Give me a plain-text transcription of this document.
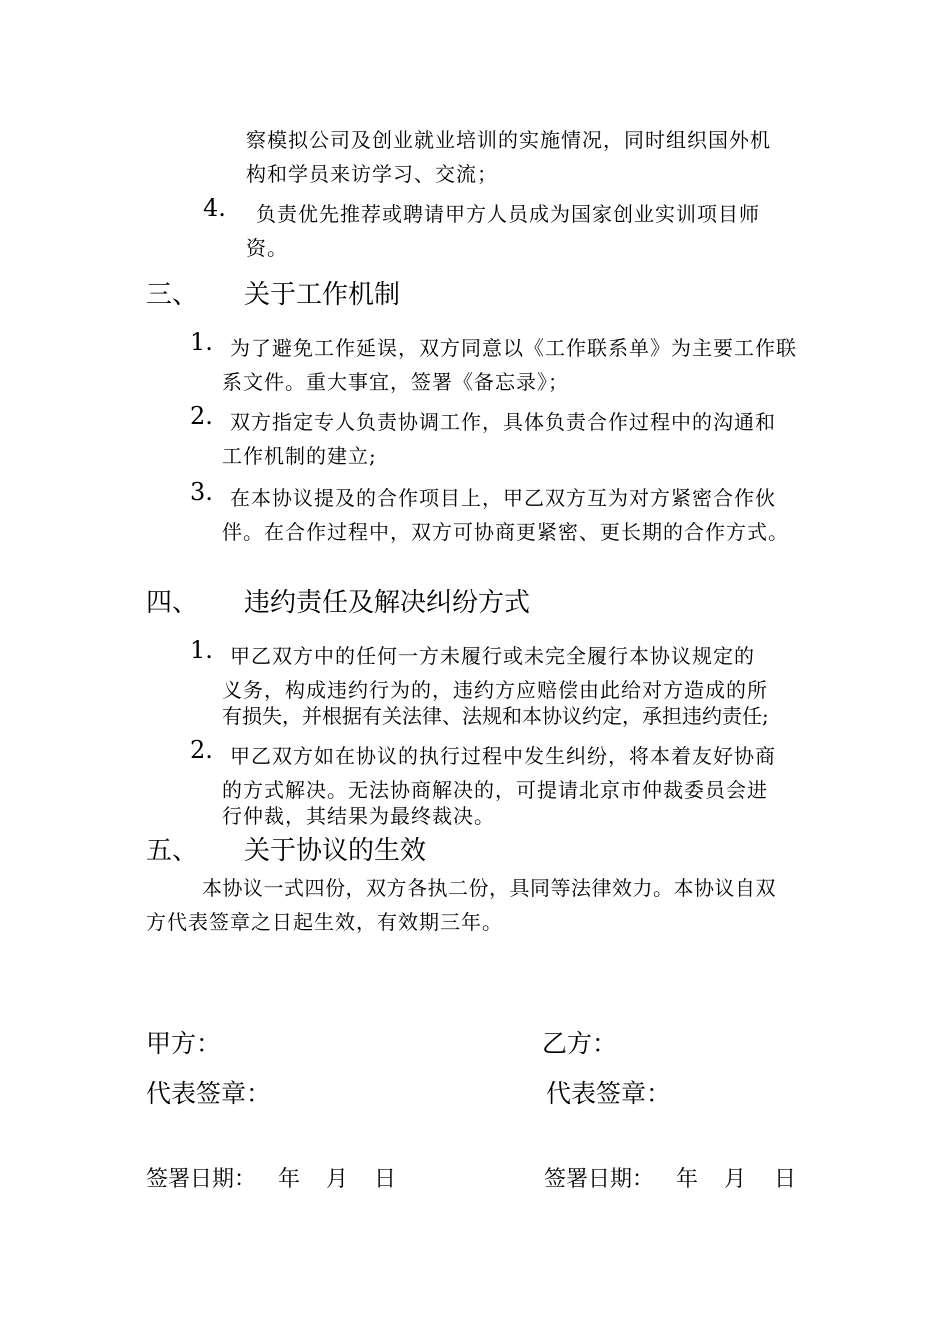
察模拟公司及创业就业培训的实施情况，同时组织国外机
构和学员来访学习、交流；
4. 负责优先推荐或聘请甲方人员成为国家创业实训项目师
资。
三、 关于工作机制
1. 为了避免工作延误，双方同意以《工作联系单》为主要工作联
系文件。重大事宜，签署《备忘录》；
2. 双方指定专人负责协调工作，具体负责合作过程中的沟通和
工作机制的建立;
3. 在本协议提及的合作项目上，甲乙双方互为对方紧密合作伙
伴。在合作过程中，双方可协商更紧密、更长期的合作方式。
四、 违约责任及解决纠纷方式
1. 甲乙双方中的任何一方未履行或未完全履行本协议规定的
义务，构成违约行为的，违约方应赔偿由此给对方造成的所
有损失，并根据有关法律、法规和本协议约定，承担违约责任;
2. 甲乙双方如在协议的执行过程中发生纠纷，将本着友好协商
的方式解决。无法协商解决的，可提请北京市仲裁委员会进
行仲裁，其结果为最终裁决。
五、 关于协议的生效
本协议一式四份，双方各执二份，具同等法律效力。本协议自双
方代表签章之日起生效，有效期三年。
甲方：	乙方：
代表签章：	代表签章：
签署日期： 年 月 日	签署日期： 年 月 日
